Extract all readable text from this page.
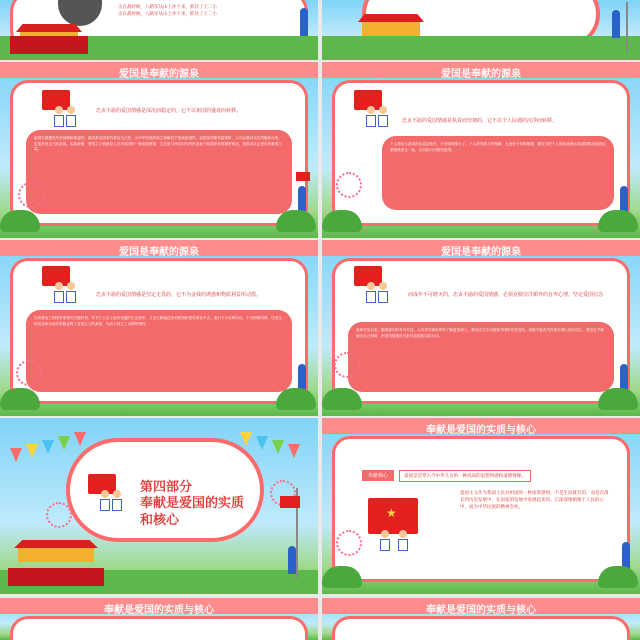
正在战时候，八路军从山上冲下来，抓住了王二小
正在战时候，八路军从山上冲下来，抓住了王二小
爱国是奉献的源泉
忠贞不渝的爱国情感是深沉而稳定的，它不以祖国的盛衰而转移。
祖国长期遭受外来侵略和欺凌时，祖国常以国家的命运为己任，为中华民族的独立和解放不惜流血牺牲；祖国变得繁荣富强时，人们会感到无比骄傲和自豪，更加热爱自己的祖国。实践表明，爱国主义情感是人们对祖国的一种深厚感情，它总是与特定时代的民族复兴和国家发展紧密相连，是推动社会进步的重要力量。
爱国是奉献的源泉
忠贞不渝的爱国情感是执着而坚韧的，它不以个人际遇的沉浮而转移。
个人命运与祖国命运息息相关，只有国家强大了，个人的发展才有保障。无论处于何种境遇，都应当把个人的前途命运同祖国的前途命运紧紧联系在一起，以实际行动报效祖国。
爱国是奉献的源泉
忠贞不渝的爱国情感是坚定无畏的，它不为金钱的诱惑和物质利益所动摇。
在民族危亡和国家需要的关键时刻，许多仁人志士放弃优越的生活条件，义无反顾地投身到救国和建设事业中去。他们不为名利所动，不为困难所惧，以坚定的信念和无私的奉献诠释了爱国主义的真谛，为后人树立了光辉的榜样。
爱国是奉献的源泉
而成年不可磨灭的，忠贞不渝的爱国情感，必须克服崇洋媚外的自卑心理，坚定爱国信念
改革开放以来，随着我们的对外开放，人们对外部世界的了解更加深入，我们应当学习借鉴外国的先进经验，但绝不能丧失民族自尊心和自信心，要坚定不移地走自己的路，把爱国情感化为报效祖国的实际行动。
第四部分
奉献是爱国的实质
和核心
奉献是爱国的实质与核心
奉献核心	爱国是贯穿古今中华儿女的一种高尚的思想情感和道德情操。
★
爱国主义作为我国人民对祖国的一种深厚感情，不是生而就有的，而是在漫长的历史发展中，在国家的发展中发展起来的。它深深地植根于人民的心中，成为中华民族的精神支柱。
奉献是爱国的实质与核心	奉献是爱国的实质与核心
